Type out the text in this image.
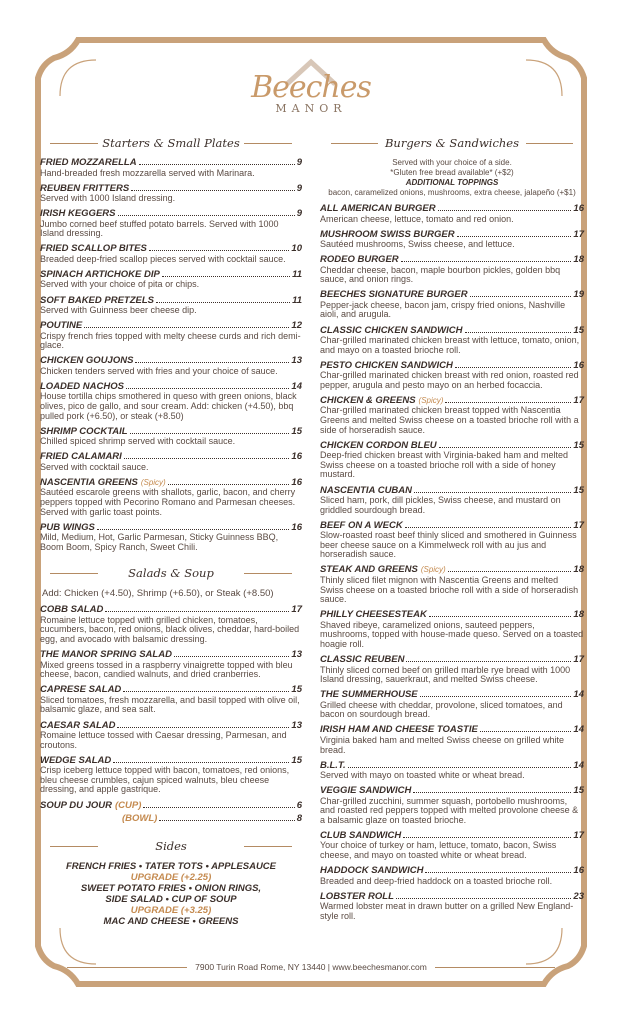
Beeches
MANOR
Starters & Small Plates
FRIED MOZZARELLA	9
Hand-breaded fresh mozzarella served with Marinara.
REUBEN FRITTERS	9
Served with 1000 Island dressing.
IRISH KEGGERS	9
Jumbo corned beef stuffed potato barrels. Served with 1000 Island dressing.
FRIED SCALLOP BITES	10
Breaded deep-fried scallop pieces served with cocktail sauce.
SPINACH ARTICHOKE DIP	11
Served with your choice of pita or chips.
SOFT BAKED PRETZELS	11
Served with Guinness beer cheese dip.
POUTINE	12
Crispy french fries topped with melty cheese curds and rich demi-glace.
CHICKEN GOUJONS	13
Chicken tenders served with fries and your choice of sauce.
LOADED NACHOS	14
House tortilla chips smothered in queso with green onions, black olives, pico de gallo, and sour cream. Add: chicken (+4.50), bbq pulled pork (+6.50), or steak (+8.50)
SHRIMP COCKTAIL	15
Chilled spiced shrimp served with cocktail sauce.
FRIED CALAMARI	16
Served with cocktail sauce.
NASCENTIA GREENS (Spicy)	16
Sautéed escarole greens with shallots, garlic, bacon, and cherry peppers topped with Pecorino Romano and Parmesan cheeses. Served with garlic toast points.
PUB WINGS	16
Mild, Medium, Hot, Garlic Parmesan, Sticky Guinness BBQ, Boom Boom, Spicy Ranch, Sweet Chili.
Salads & Soup
Add: Chicken (+4.50), Shrimp (+6.50), or Steak (+8.50)
COBB SALAD	17
Romaine lettuce topped with grilled chicken, tomatoes, cucumbers, bacon, red onions, black olives, cheddar, hard-boiled egg, and avocado with balsamic dressing.
THE MANOR SPRING SALAD	13
Mixed greens tossed in a raspberry vinaigrette topped with bleu cheese, bacon, candied walnuts, and dried cranberries.
CAPRESE SALAD	15
Sliced tomatoes, fresh mozzarella, and basil topped with olive oil, balsamic glaze, and sea salt.
CAESAR SALAD	13
Romaine lettuce tossed with Caesar dressing, Parmesan, and croutons.
WEDGE SALAD	15
Crisp iceberg lettuce topped with bacon, tomatoes, red onions, bleu cheese crumbles, cajun spiced walnuts, bleu cheese dressing, and apple gastrique.
SOUP DU JOUR (CUP)	6
(BOWL)	8
Sides
FRENCH FRIES • TATER TOTS • APPLESAUCE
UPGRADE (+2.25)
SWEET POTATO FRIES • ONION RINGS,
SIDE SALAD • CUP OF SOUP
UPGRADE (+3.25)
MAC AND CHEESE • GREENS
Burgers & Sandwiches
Served with your choice of a side.
*Gluten free bread available* (+$2)
ADDITIONAL TOPPINGS
bacon, caramelized onions, mushrooms, extra cheese, jalapeño (+$1)
ALL AMERICAN BURGER	16
American cheese, lettuce, tomato and red onion.
MUSHROOM SWISS BURGER	17
Sautéed mushrooms, Swiss cheese, and lettuce.
RODEO BURGER	18
Cheddar cheese, bacon, maple bourbon pickles, golden bbq sauce, and onion rings.
BEECHES SIGNATURE BURGER	19
Pepper-jack cheese, bacon jam, crispy fried onions, Nashville aioli, and arugula.
CLASSIC CHICKEN SANDWICH	15
Char-grilled marinated chicken breast with lettuce, tomato, onion, and mayo on a toasted brioche roll.
PESTO CHICKEN SANDWICH	16
Char-grilled marinated chicken breast with red onion, roasted red pepper, arugula and pesto mayo on an herbed focaccia.
CHICKEN & GREENS (Spicy)	17
Char-grilled marinated chicken breast topped with Nascentia Greens and melted Swiss cheese on a toasted brioche roll with a side of horseradish sauce.
CHICKEN CORDON BLEU	15
Deep-fried chicken breast with Virginia-baked ham and melted Swiss cheese on a toasted brioche roll with a side of honey mustard.
NASCENTIA CUBAN	15
Sliced ham, pork, dill pickles, Swiss cheese, and mustard on griddled sourdough bread.
BEEF ON A WECK	17
Slow-roasted roast beef thinly sliced and smothered in Guinness beer cheese sauce on a Kimmelweck roll with au jus and horseradish sauce.
STEAK AND GREENS (Spicy)	18
Thinly sliced filet mignon with Nascentia Greens and melted Swiss cheese on a toasted brioche roll with a side of horseradish sauce.
PHILLY CHEESESTEAK	18
Shaved ribeye, caramelized onions, sauteed peppers, mushrooms, topped with house-made queso. Served on a toasted hoagie roll.
CLASSIC REUBEN	17
Thinly sliced corned beef on grilled marble rye bread with 1000 Island dressing, sauerkraut, and melted Swiss cheese.
THE SUMMERHOUSE	14
Grilled cheese with cheddar, provolone, sliced tomatoes, and bacon on sourdough bread.
IRISH HAM AND CHEESE TOASTIE	14
Virginia baked ham and melted Swiss cheese on grilled white bread.
B.L.T.	14
Served with mayo on toasted white or wheat bread.
VEGGIE SANDWICH	15
Char-grilled zucchini, summer squash, portobello mushrooms, and roasted red peppers topped with melted provolone cheese & a balsamic glaze on toasted brioche.
CLUB SANDWICH	17
Your choice of turkey or ham, lettuce, tomato, bacon, Swiss cheese, and mayo on toasted white or wheat bread.
HADDOCK SANDWICH	16
Breaded and deep-fried haddock on a toasted brioche roll.
LOBSTER ROLL	23
Warmed lobster meat in drawn butter on a grilled New England-style roll.
7900 Turin Road Rome, NY 13440 | www.beechesmanor.com
